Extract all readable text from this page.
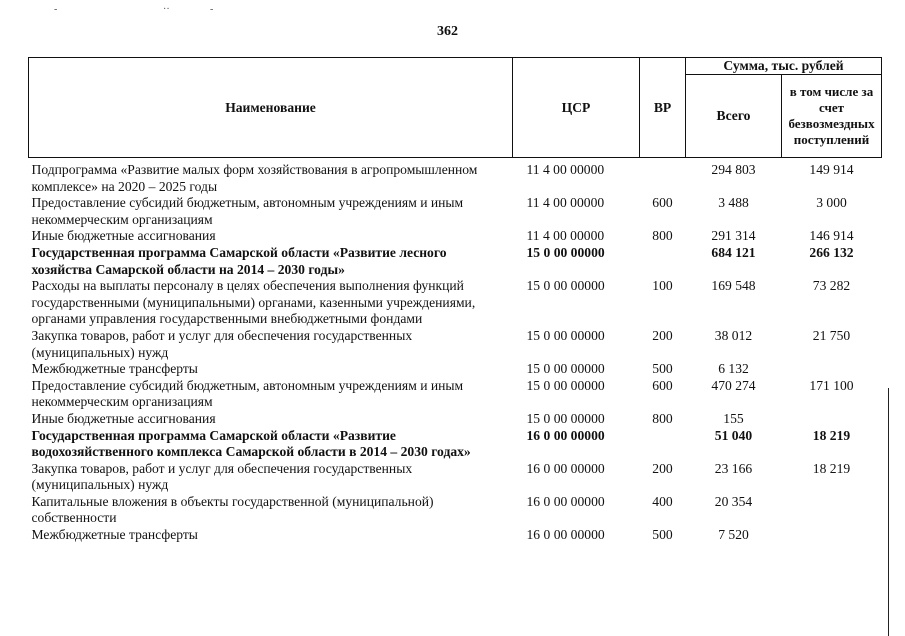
-	··	-
362
Наименование	ЦСР	ВР	Сумма, тыс. рублей	
			Всего	в том числе за счет безвозмездных поступлений
Подпрограмма «Развитие малых форм хозяйствования в агропромышленном комплексе» на 2020 – 2025 годы	11 4 00 00000		294 803	149 914
Предоставление субсидий бюджетным, автономным учреждениям и иным некоммерческим организациям	11 4 00 00000	600	3 488	3 000
Иные бюджетные ассигнования	11 4 00 00000	800	291 314	146 914
Государственная программа Самарской области «Развитие лесного хозяйства Самарской области на 2014 – 2030 годы»	15 0 00 00000		684 121	266 132
Расходы на выплаты персоналу в целях обеспечения выполнения функций государственными (муниципальными) органами, казенными учреждениями, органами управления государственными внебюджетными фондами	15 0 00 00000	100	169 548	73 282
Закупка товаров, работ и услуг для обеспечения государственных (муниципальных) нужд	15 0 00 00000	200	38 012	21 750
Межбюджетные трансферты	15 0 00 00000	500	6 132	
Предоставление субсидий бюджетным, автономным учреждениям и иным некоммерческим организациям	15 0 00 00000	600	470 274	171 100
Иные бюджетные ассигнования	15 0 00 00000	800	155	
Государственная программа Самарской области «Развитие водохозяйственного комплекса Самарской области в 2014 – 2030 годах»	16 0 00 00000		51 040	18 219
Закупка товаров, работ и услуг для обеспечения государственных (муниципальных) нужд	16 0 00 00000	200	23 166	18 219
Капитальные вложения в объекты государственной (муниципальной) собственности	16 0 00 00000	400	20 354	
Межбюджетные трансферты	16 0 00 00000	500	7 520	
